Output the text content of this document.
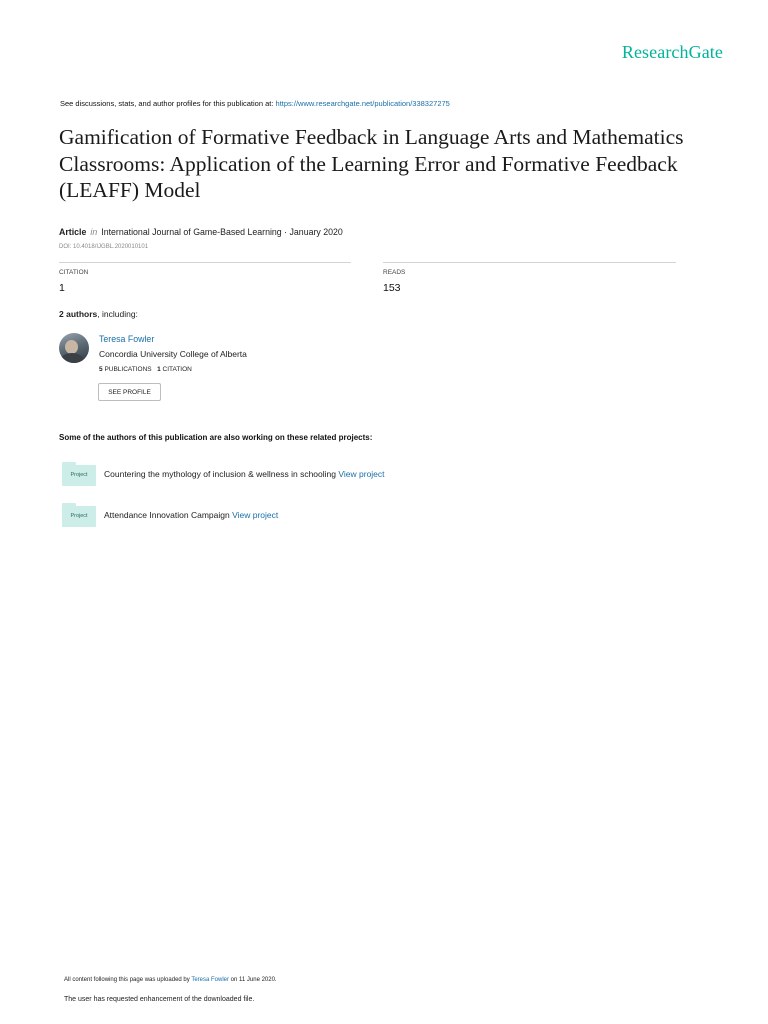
ResearchGate
See discussions, stats, and author profiles for this publication at: https://www.researchgate.net/publication/338327275
Gamification of Formative Feedback in Language Arts and Mathematics Classrooms: Application of the Learning Error and Formative Feedback (LEAFF) Model
Article in International Journal of Game-Based Learning · January 2020
DOI: 10.4018/IJGBL.2020010101
CITATION
1
READS
153
2 authors, including:
Teresa Fowler
Concordia University College of Alberta
5 PUBLICATIONS 1 CITATION
SEE PROFILE
Some of the authors of this publication are also working on these related projects:
Project	Countering the mythology of inclusion & wellness in schooling View project
Project	Attendance Innovation Campaign View project
All content following this page was uploaded by Teresa Fowler on 11 June 2020.
The user has requested enhancement of the downloaded file.
